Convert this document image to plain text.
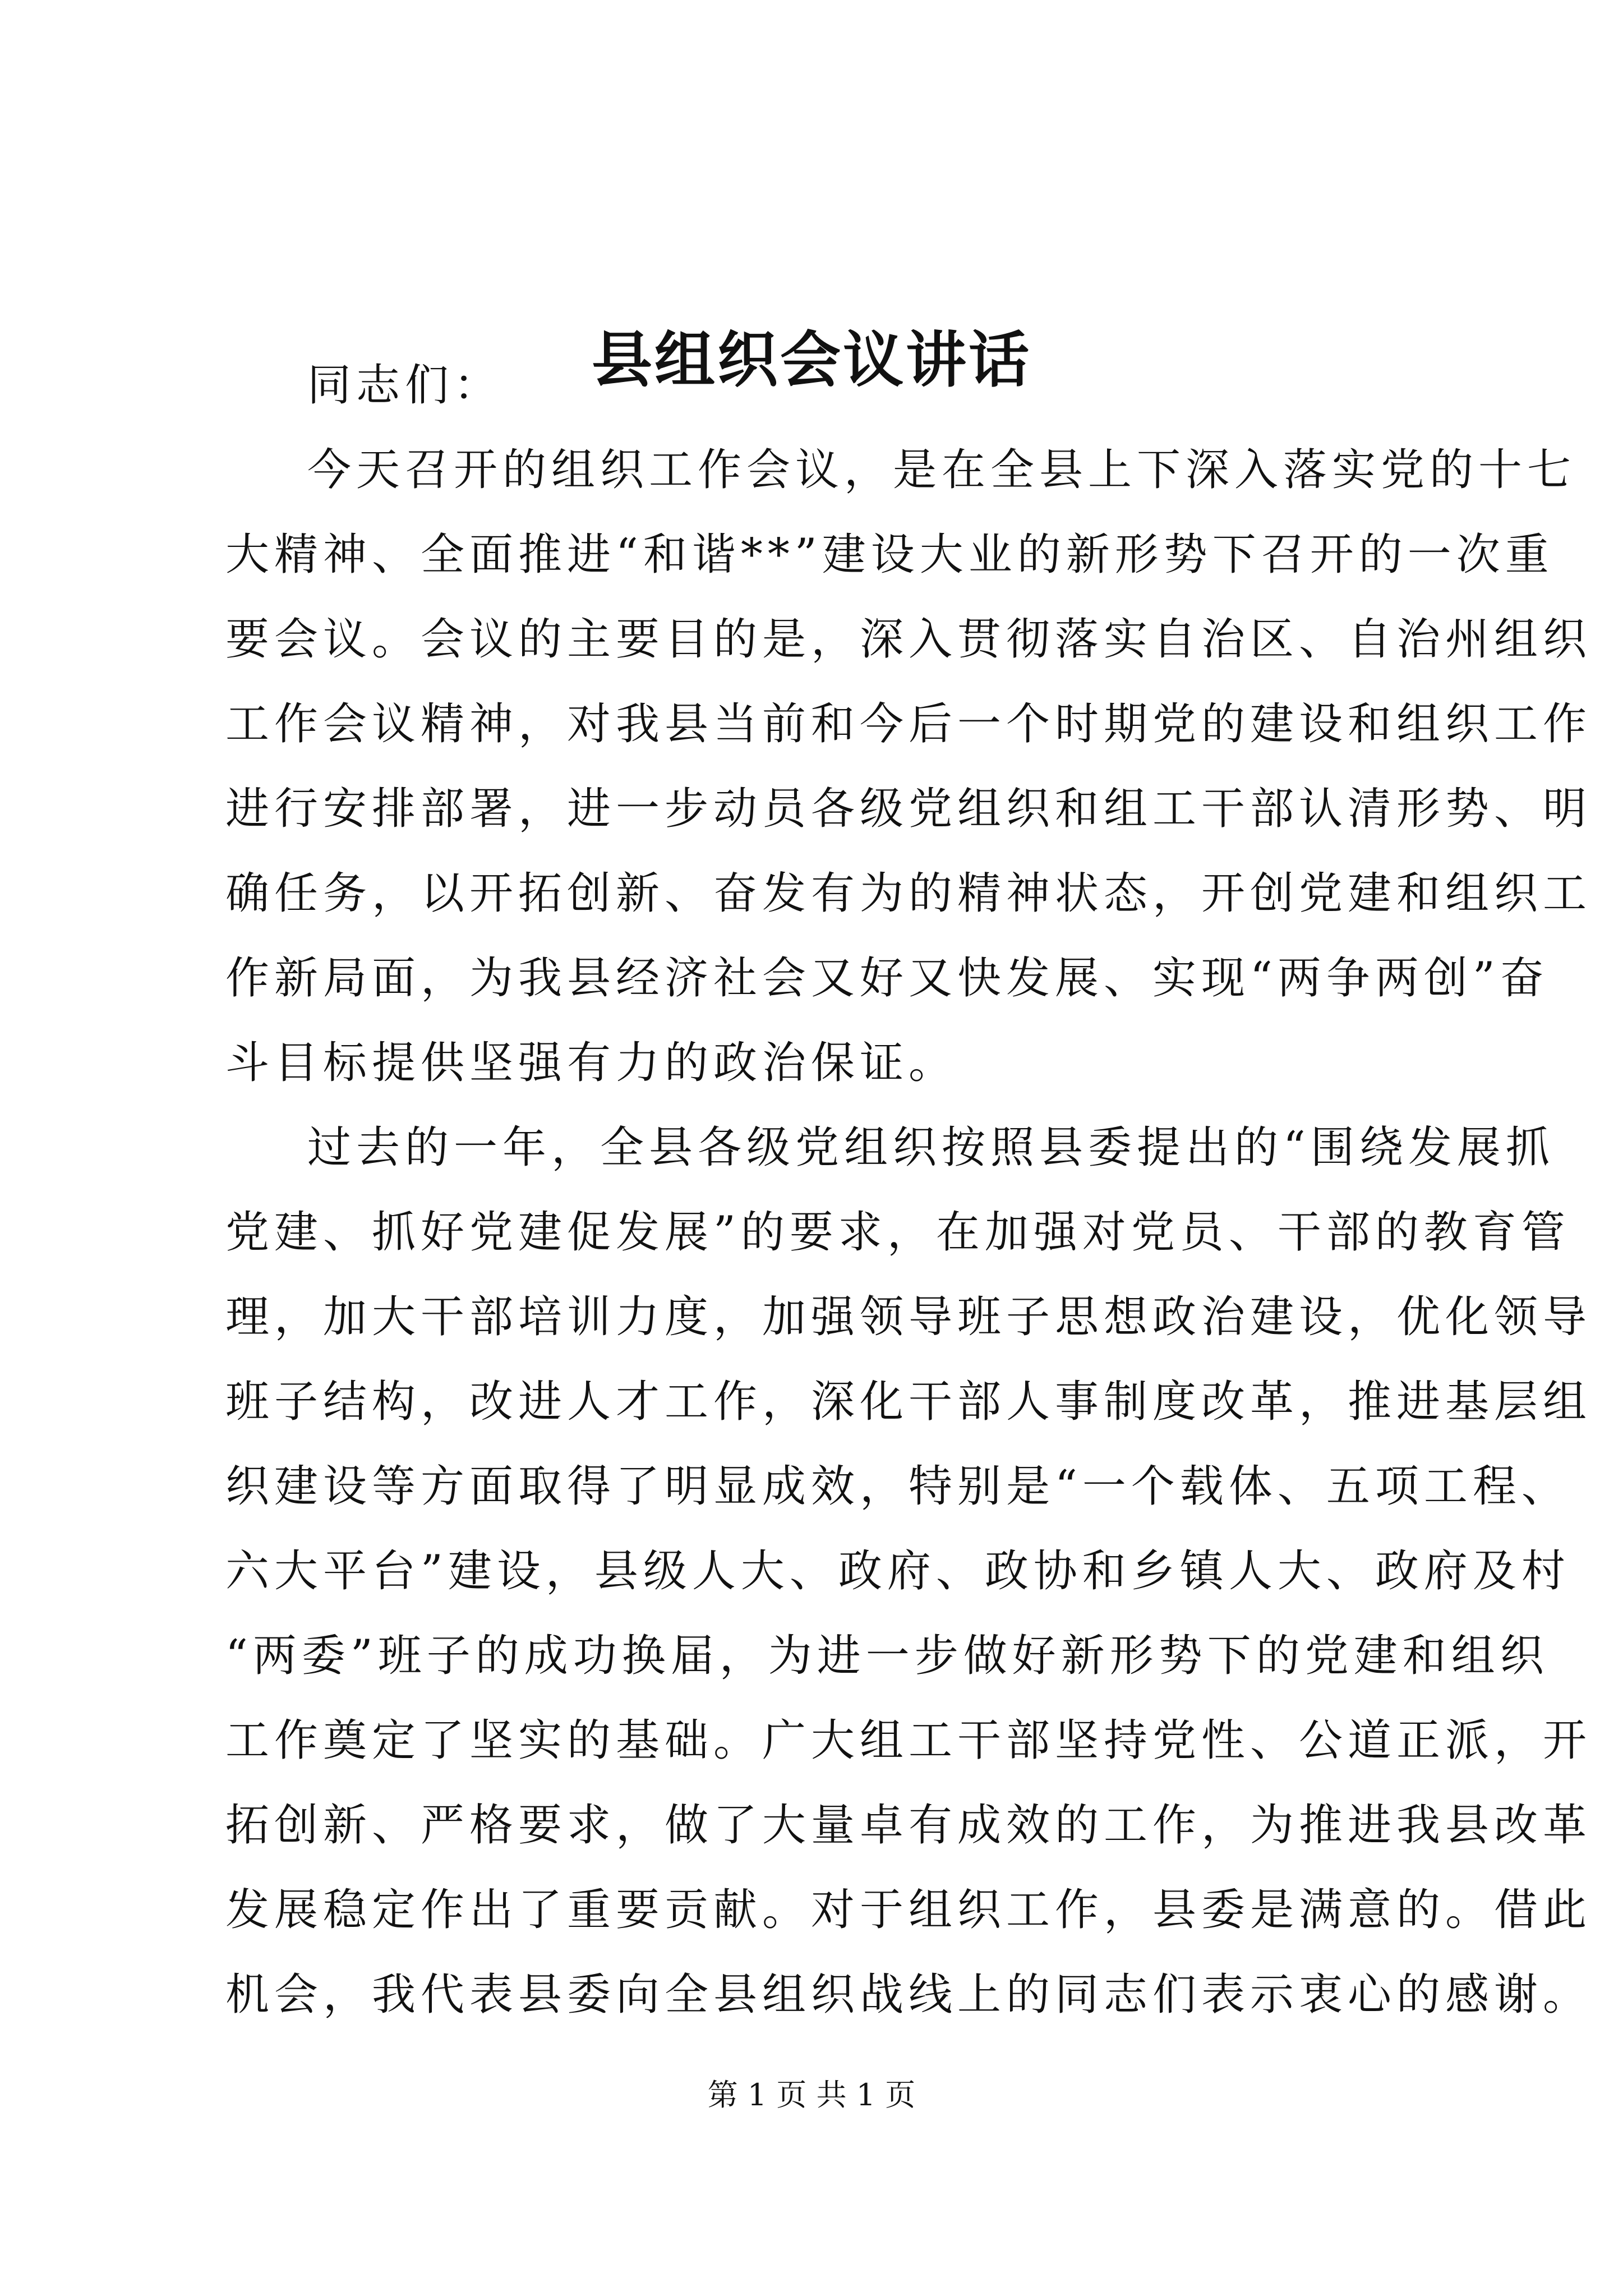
县组织会议讲话

同志们：

今天召开的组织工作会议，是在全县上下深入落实党的十七
大精神、全面推进“和谐**”建设大业的新形势下召开的一次重
要会议。会议的主要目的是，深入贯彻落实自治区、自治州组织
工作会议精神，对我县当前和今后一个时期党的建设和组织工作
进行安排部署，进一步动员各级党组织和组工干部认清形势、明
确任务，以开拓创新、奋发有为的精神状态，开创党建和组织工
作新局面，为我县经济社会又好又快发展、实现“两争两创”奋
斗目标提供坚强有力的政治保证。

过去的一年，全县各级党组织按照县委提出的“围绕发展抓
党建、抓好党建促发展”的要求，在加强对党员、干部的教育管
理，加大干部培训力度，加强领导班子思想政治建设，优化领导
班子结构，改进人才工作，深化干部人事制度改革，推进基层组
织建设等方面取得了明显成效，特别是“一个载体、五项工程、
六大平台”建设，县级人大、政府、政协和乡镇人大、政府及村
“两委”班子的成功换届，为进一步做好新形势下的党建和组织
工作奠定了坚实的基础。广大组工干部坚持党性、公道正派，开
拓创新、严格要求，做了大量卓有成效的工作，为推进我县改革
发展稳定作出了重要贡献。对于组织工作，县委是满意的。借此
机会，我代表县委向全县组织战线上的同志们表示衷心的感谢。

第 1 页 共 1 页
